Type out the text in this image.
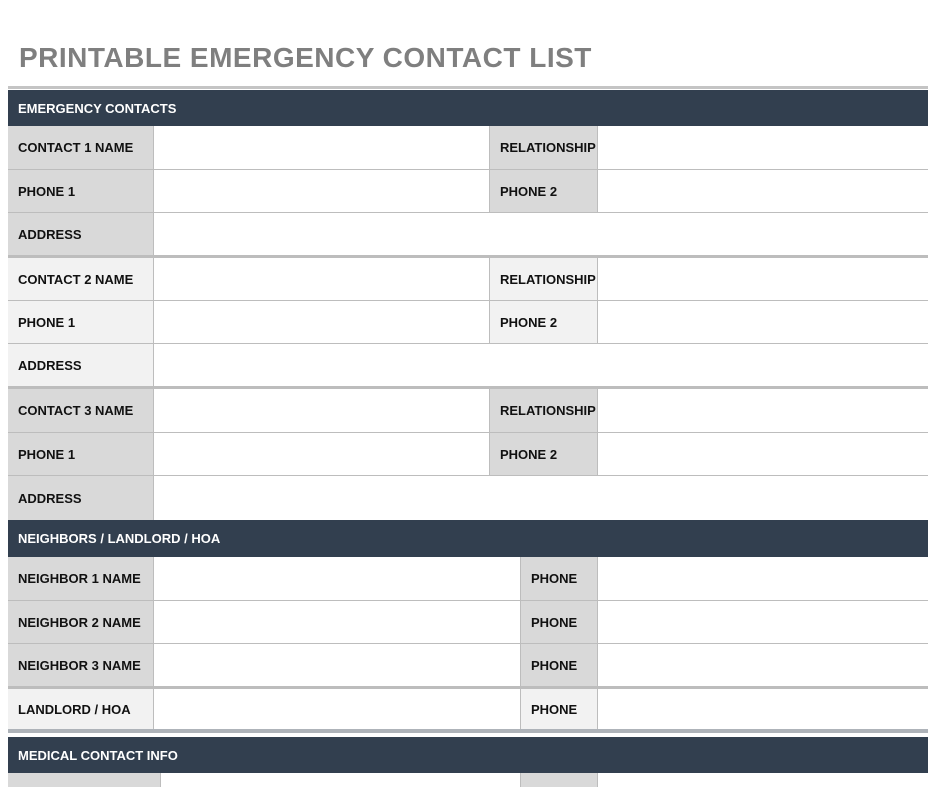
PRINTABLE EMERGENCY CONTACT LIST
EMERGENCY CONTACTS
CONTACT 1 NAME	RELATIONSHIP
PHONE 1	PHONE 2
ADDRESS
CONTACT 2 NAME	RELATIONSHIP
PHONE 1	PHONE 2
ADDRESS
CONTACT 3 NAME	RELATIONSHIP
PHONE 1	PHONE 2
ADDRESS
NEIGHBORS / LANDLORD / HOA
NEIGHBOR 1 NAME	PHONE
NEIGHBOR 2 NAME	PHONE
NEIGHBOR 3 NAME	PHONE
LANDLORD / HOA	PHONE
MEDICAL CONTACT INFO
